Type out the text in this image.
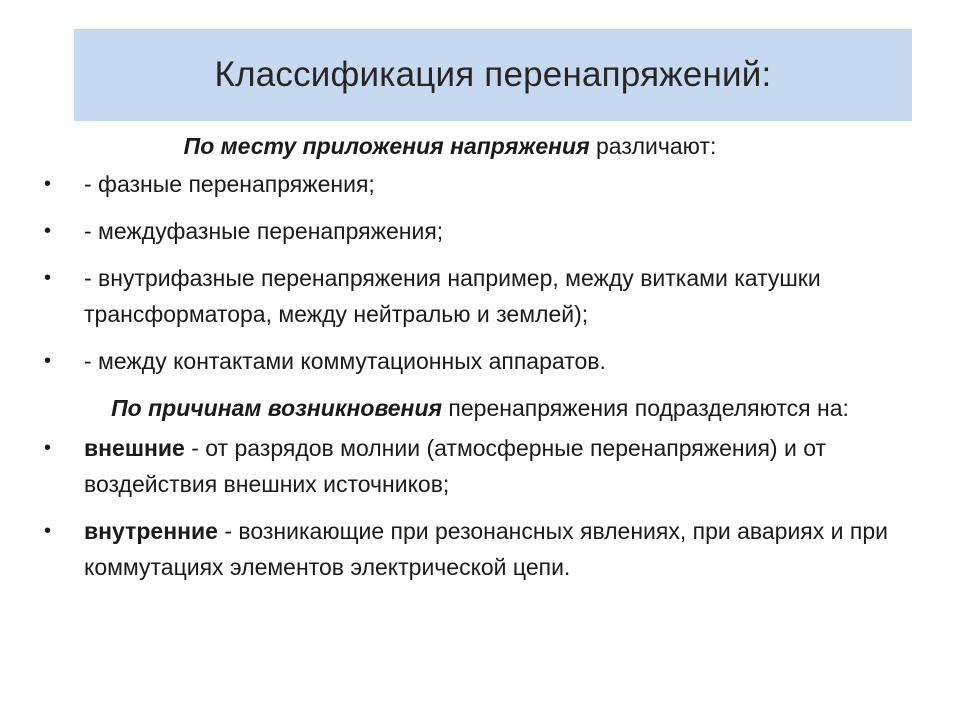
Классификация перенапряжений:

По месту приложения напряжения различают:

• - фазные перенапряжения;
• - междуфазные перенапряжения;
• - внутрифазные перенапряжения например, между витками катушки трансформатора, между нейтралью и землей);
• - между контактами коммутационных аппаратов.

По причинам возникновения перенапряжения подразделяются на:

• внешние - от разрядов молнии (атмосферные перенапряжения) и от воздействия внешних источников;
• внутренние - возникающие при резонансных явлениях, при авариях и при коммутациях элементов электрической цепи.
